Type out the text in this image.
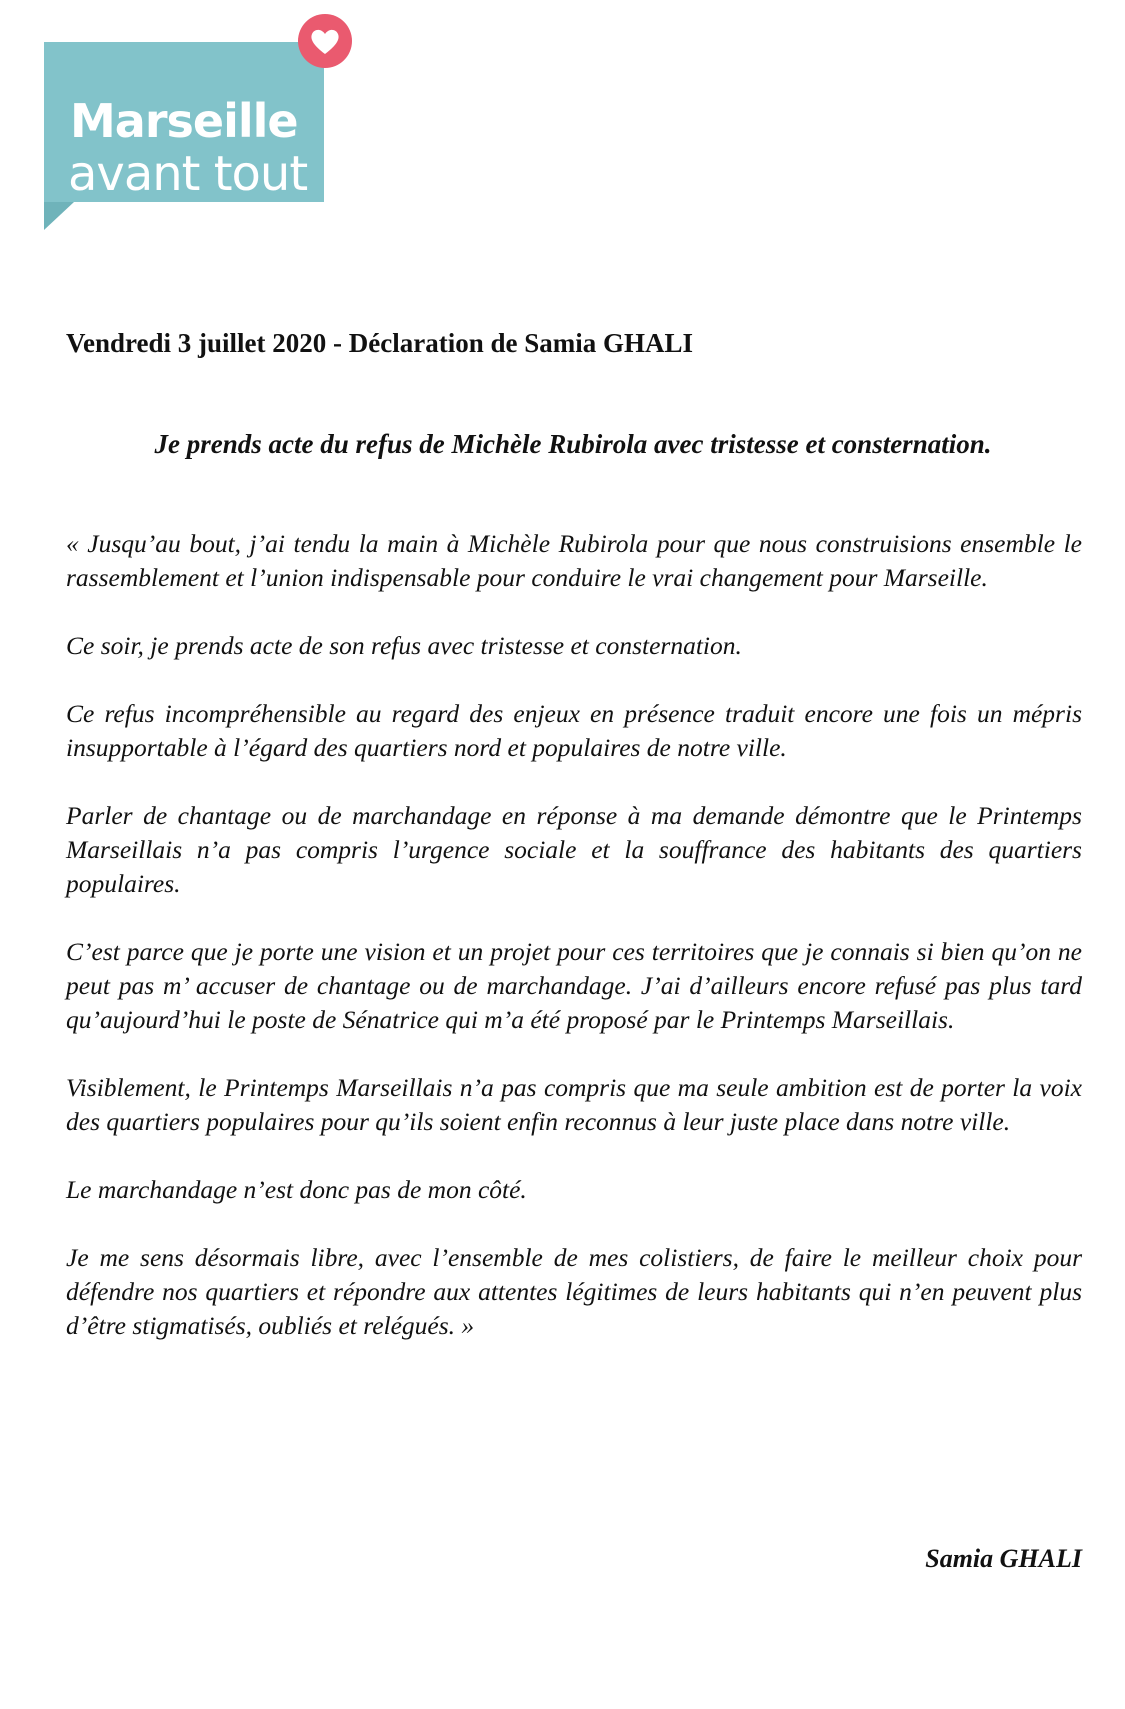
Marseille
avant tout !
Vendredi 3 juillet 2020 - Déclaration de Samia GHALI
Je prends acte du refus de Michèle Rubirola avec tristesse et consternation.

« Jusqu’au bout, j’ai tendu la main à Michèle Rubirola pour que nous construisions ensemble le rassemblement et l’union indispensable pour conduire le vrai changement pour Marseille.

Ce soir, je prends acte de son refus avec tristesse et consternation.

Ce refus incompréhensible au regard des enjeux en présence traduit encore une fois un mépris insupportable à l’égard des quartiers nord et populaires de notre ville.

Parler de chantage ou de marchandage en réponse à ma demande démontre que le Printemps Marseillais n’a pas compris l’urgence sociale et la souffrance des habitants des quartiers populaires.

C’est parce que je porte une vision et un projet pour ces territoires que je connais si bien qu’on ne peut pas m’ accuser de chantage ou de marchandage. J’ai d’ailleurs encore refusé pas plus tard qu’aujourd’hui le poste de Sénatrice qui m’a été proposé par le Printemps Marseillais.

Visiblement, le Printemps Marseillais n’a pas compris que ma seule ambition est de porter la voix des quartiers populaires pour qu’ils soient enfin reconnus à leur juste place dans notre ville.

Le marchandage n’est donc pas de mon côté.

Je me sens désormais libre, avec l’ensemble de mes colistiers, de faire le meilleur choix pour défendre nos quartiers et répondre aux attentes légitimes de leurs habitants qui n’en peuvent plus d’être stigmatisés, oubliés et relégués. »

Samia GHALI
